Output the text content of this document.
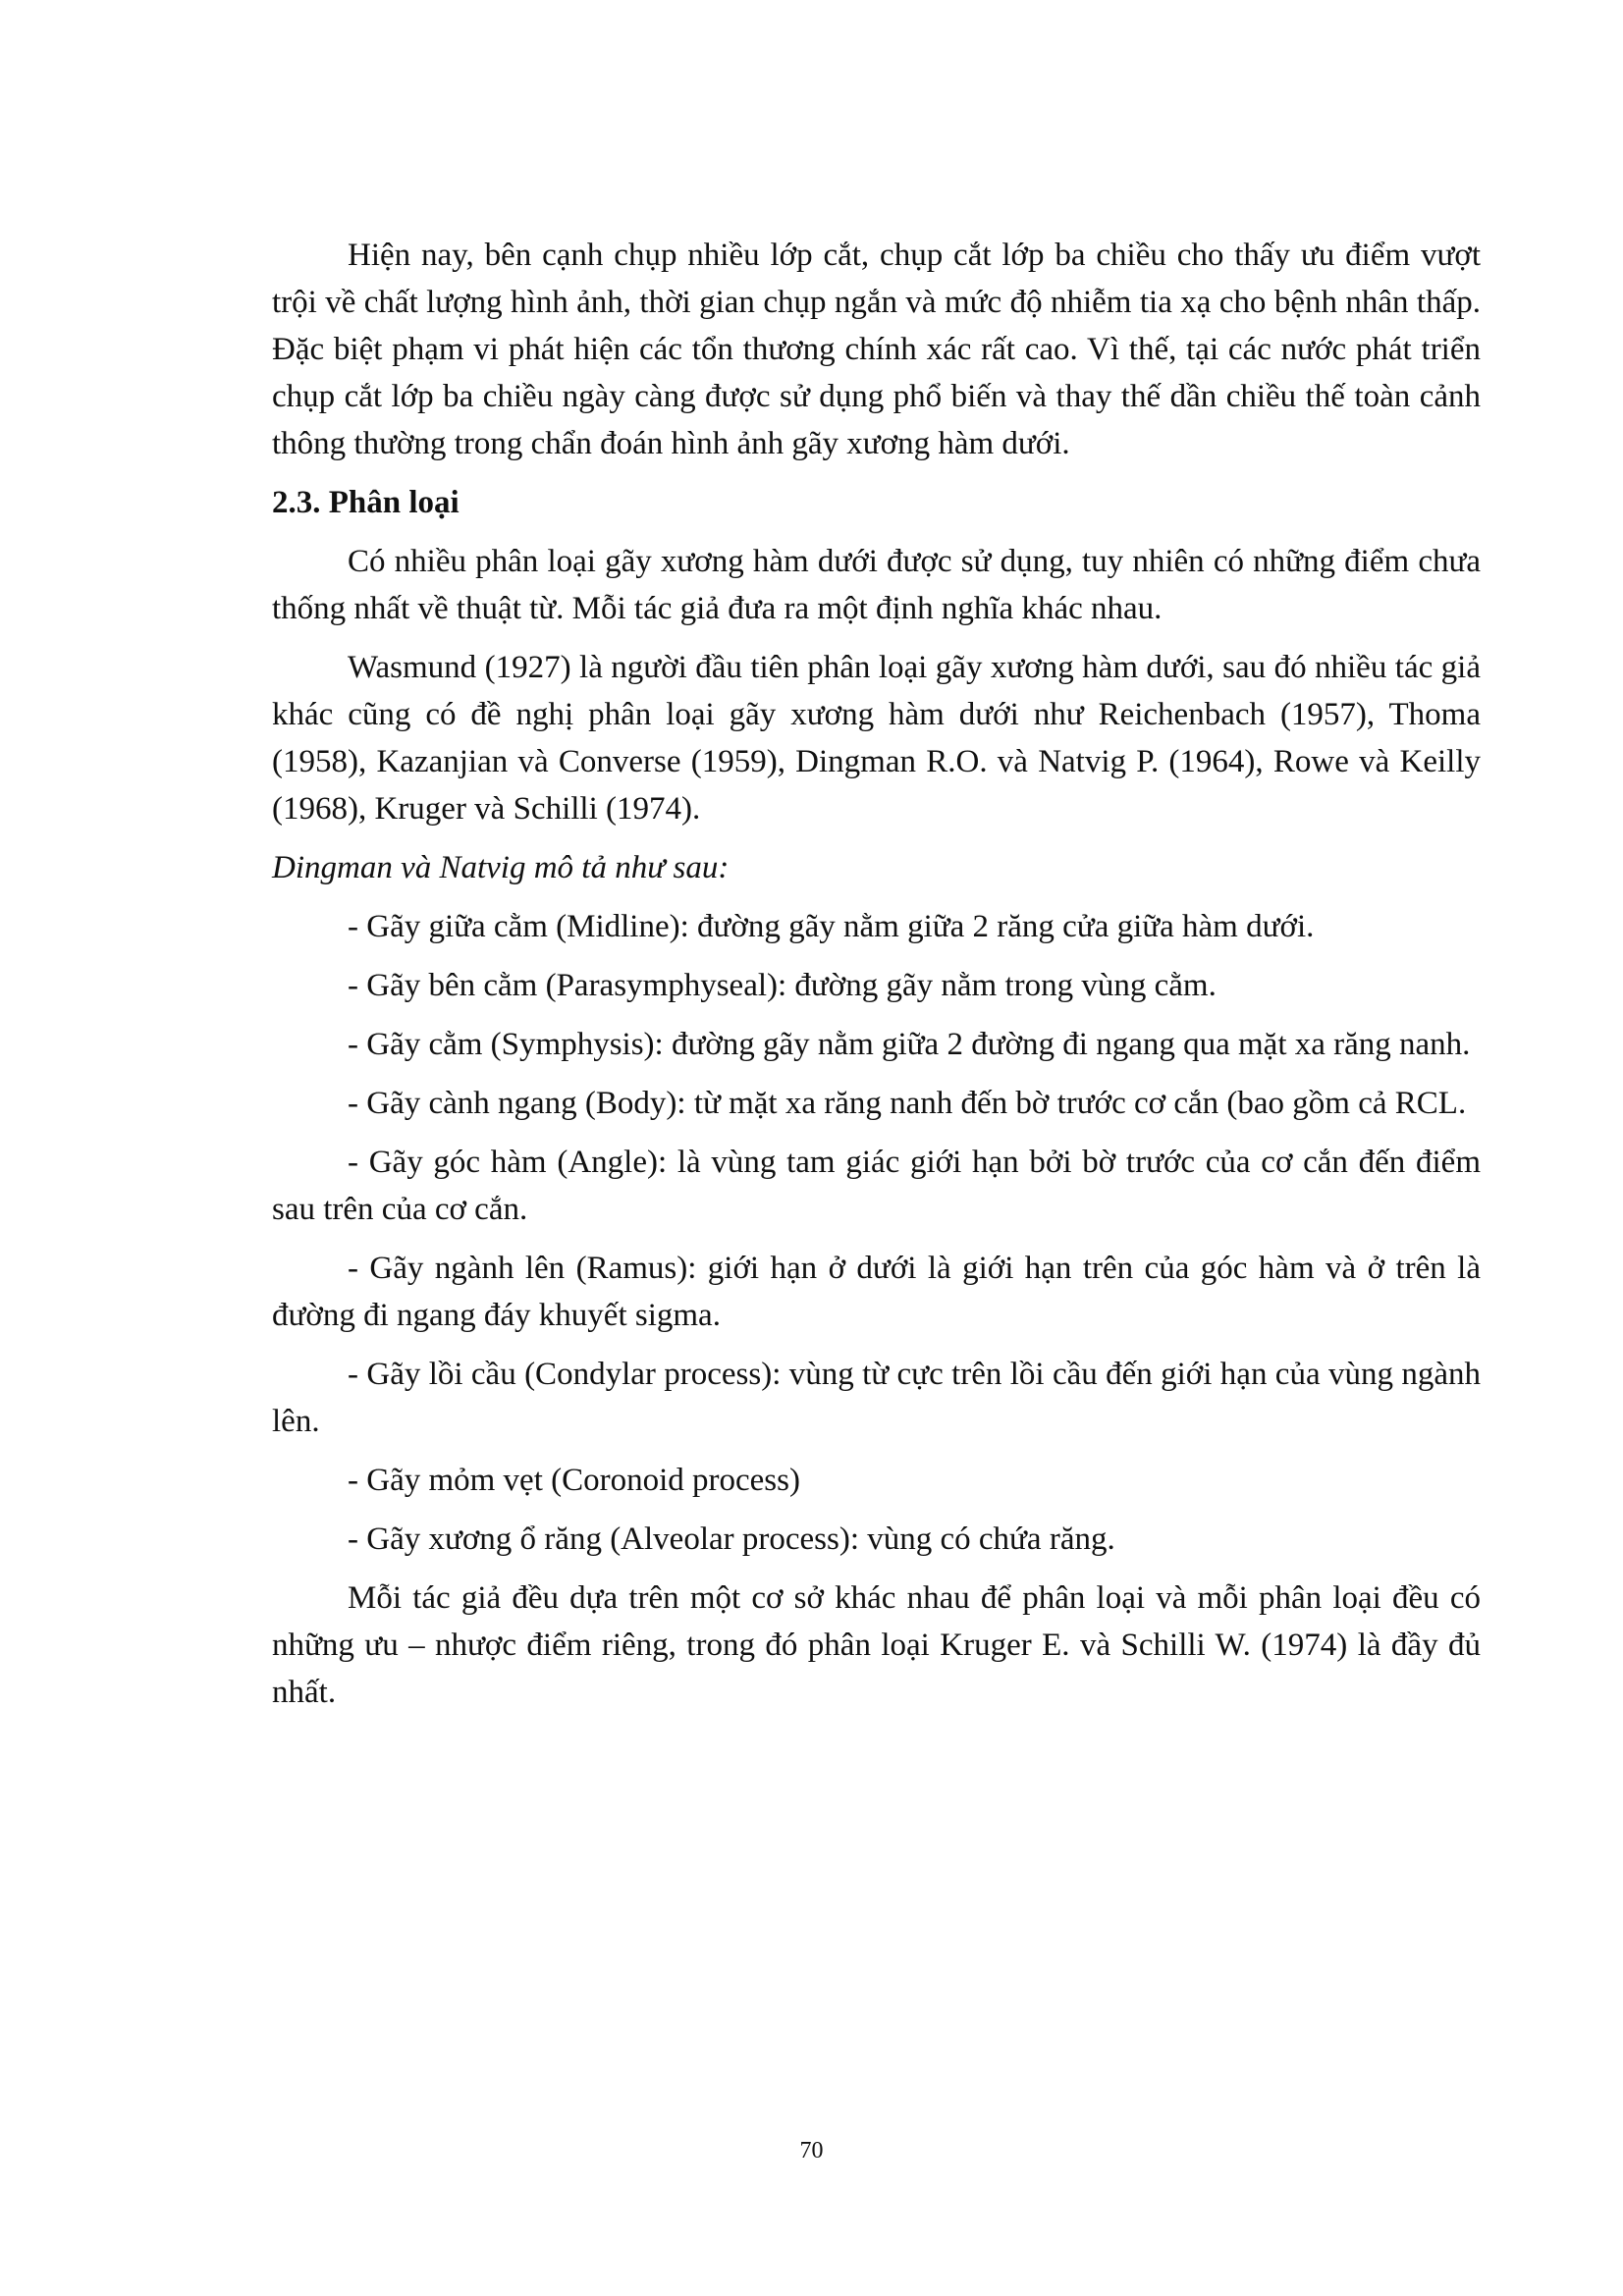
Hiện nay, bên cạnh chụp nhiều lớp cắt, chụp cắt lớp ba chiều cho thấy ưu điểm vượt trội về chất lượng hình ảnh, thời gian chụp ngắn và mức độ nhiễm tia xạ cho bệnh nhân thấp. Đặc biệt phạm vi phát hiện các tổn thương chính xác rất cao. Vì thế, tại các nước phát triển chụp cắt lớp ba chiều ngày càng được sử dụng phổ biến và thay thế dần chiều thế toàn cảnh thông thường trong chẩn đoán hình ảnh gãy xương hàm dưới.

2.3. Phân loại

Có nhiều phân loại gãy xương hàm dưới được sử dụng, tuy nhiên có những điểm chưa thống nhất về thuật từ. Mỗi tác giả đưa ra một định nghĩa khác nhau.

Wasmund (1927) là người đầu tiên phân loại gãy xương hàm dưới, sau đó nhiều tác giả khác cũng có đề nghị phân loại gãy xương hàm dưới như Reichenbach (1957), Thoma (1958), Kazanjian và Converse (1959), Dingman R.O. và Natvig P. (1964), Rowe và Keilly (1968), Kruger và Schilli (1974).

Dingman và Natvig mô tả như sau:

- Gãy giữa cằm (Midline): đường gãy nằm giữa 2 răng cửa giữa hàm dưới.

- Gãy bên cằm (Parasymphyseal): đường gãy nằm trong vùng cằm.

- Gãy cằm (Symphysis): đường gãy nằm giữa 2 đường đi ngang qua mặt xa răng nanh.

- Gãy cành ngang (Body): từ mặt xa răng nanh đến bờ trước cơ cắn (bao gồm cả RCL.

- Gãy góc hàm (Angle): là vùng tam giác giới hạn bởi bờ trước của cơ cắn đến điểm sau trên của cơ cắn.

- Gãy ngành lên (Ramus): giới hạn ở dưới là giới hạn trên của góc hàm và ở trên là đường đi ngang đáy khuyết sigma.

- Gãy lồi cầu (Condylar process): vùng từ cực trên lồi cầu đến giới hạn của vùng ngành lên.

- Gãy mỏm vẹt (Coronoid process)

- Gãy xương ổ răng (Alveolar process): vùng có chứa răng.

Mỗi tác giả đều dựa trên một cơ sở khác nhau để phân loại và mỗi phân loại đều có những ưu – nhược điểm riêng, trong đó phân loại Kruger E. và Schilli W. (1974) là đầy đủ nhất.

70
